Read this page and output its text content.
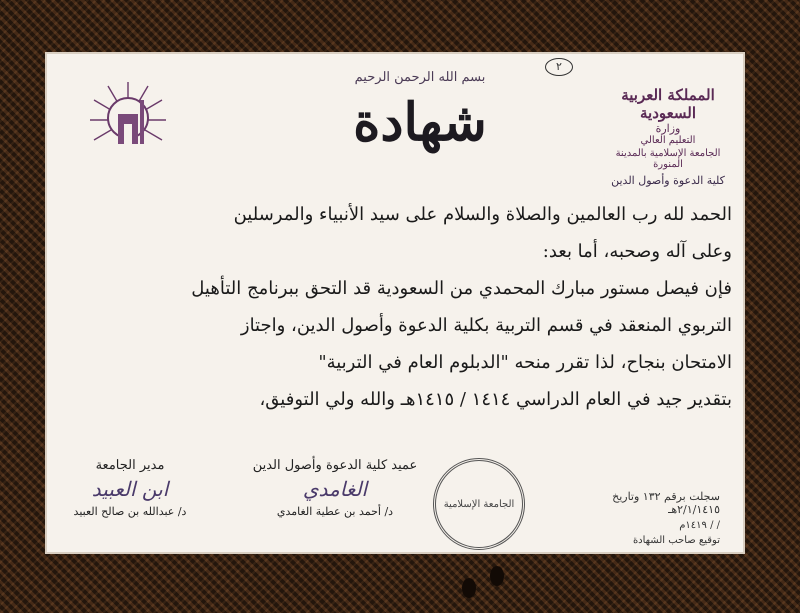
٢
بسم الله الرحمن الرحيم
شهادة	المملكة العربية السعودية
وزارة
التعليم العالي
الجامعة الإسلامية بالمدينة المنورة
كلية الدعوة وأصول الدين
الحمد لله رب العالمين والصلاة والسلام على سيد الأنبياء والمرسلين
وعلى آله وصحبه، أما بعد:
فإن فيصل مستور مبارك المحمدي من السعودية قد التحق ببرنامج التأهيل
التربوي المنعقد في قسم التربية بكلية الدعوة وأصول الدين، واجتاز
الامتحان بنجاح، لذا تقرر منحه "الدبلوم العام في التربية"
بتقدير جيد في العام الدراسي ١٤١٤ / ١٤١٥هـ والله ولي التوفيق،
مدير الجامعة
ابن العبيد
د/ عبدالله بن صالح العبيد
عميد كلية الدعوة وأصول الدين
الغامدي
د/ أحمد بن عطية الغامدي
الجامعة الإسلامية
سجلت برقم ١٣٢ وتاريخ ٢/١/١٤١٥هـ
/ / ١٤١٩م
توقيع صاحب الشهادة
